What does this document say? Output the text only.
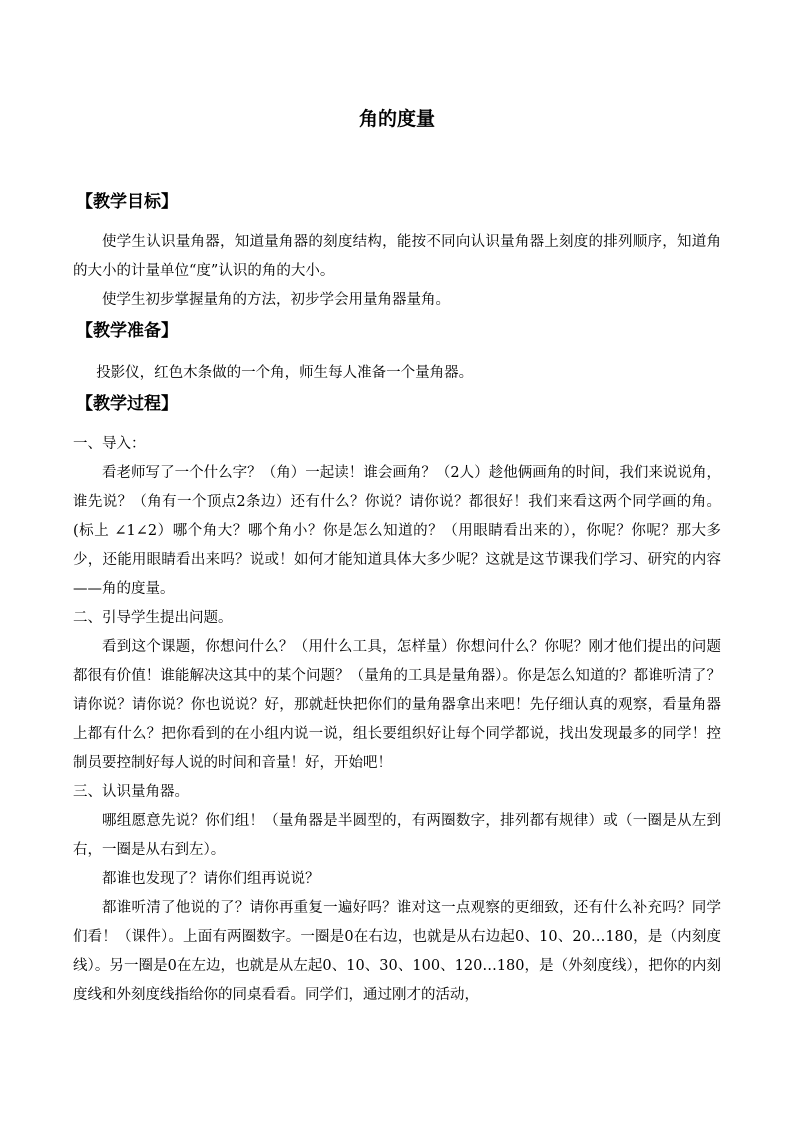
角的度量
【教学目标】
使学生认识量角器，知道量角器的刻度结构，能按不同向认识量角器上刻度的排列顺序，知道角的大小的计量单位“度”认识的角的大小。
使学生初步掌握量角的方法，初步学会用量角器量角。
【教学准备】
投影仪，红色木条做的一个角，师生每人准备一个量角器。
【教学过程】
一、导入：
看老师写了一个什么字？（角）一起读！谁会画角？（2人）趁他俩画角的时间，我们来说说角，谁先说？（角有一个顶点2条边）还有什么？你说？请你说？都很好！我们来看这两个同学画的角。(标上 ∠1∠2）哪个角大？哪个角小？你是怎么知道的？（用眼睛看出来的），你呢？你呢？那大多少，还能用眼睛看出来吗？说或！如何才能知道具体大多少呢？这就是这节课我们学习、研究的内容——角的度量。
二、引导学生提出问题。
看到这个课题，你想问什么？（用什么工具，怎样量）你想问什么？你呢？刚才他们提出的问题都很有价值！谁能解决这其中的某个问题？（量角的工具是量角器）。你是怎么知道的？都谁听清了？请你说？请你说？你也说说？好，那就赶快把你们的量角器拿出来吧！先仔细认真的观察，看量角器上都有什么？把你看到的在小组内说一说，组长要组织好让每个同学都说，找出发现最多的同学！控制员要控制好每人说的时间和音量！好，开始吧！
三、认识量角器。
哪组愿意先说？你们组！（量角器是半圆型的，有两圈数字，排列都有规律）或（一圈是从左到右，一圈是从右到左）。
都谁也发现了？请你们组再说说？
都谁听清了他说的了？请你再重复一遍好吗？谁对这一点观察的更细致，还有什么补充吗？同学们看！（课件）。上面有两圈数字。一圈是0在右边，也就是从右边起0、10、20…180，是（内刻度线）。另一圈是0在左边，也就是从左起0、10、30、100、120…180，是（外刻度线），把你的内刻度线和外刻度线指给你的同桌看看。同学们，通过刚才的活动，
